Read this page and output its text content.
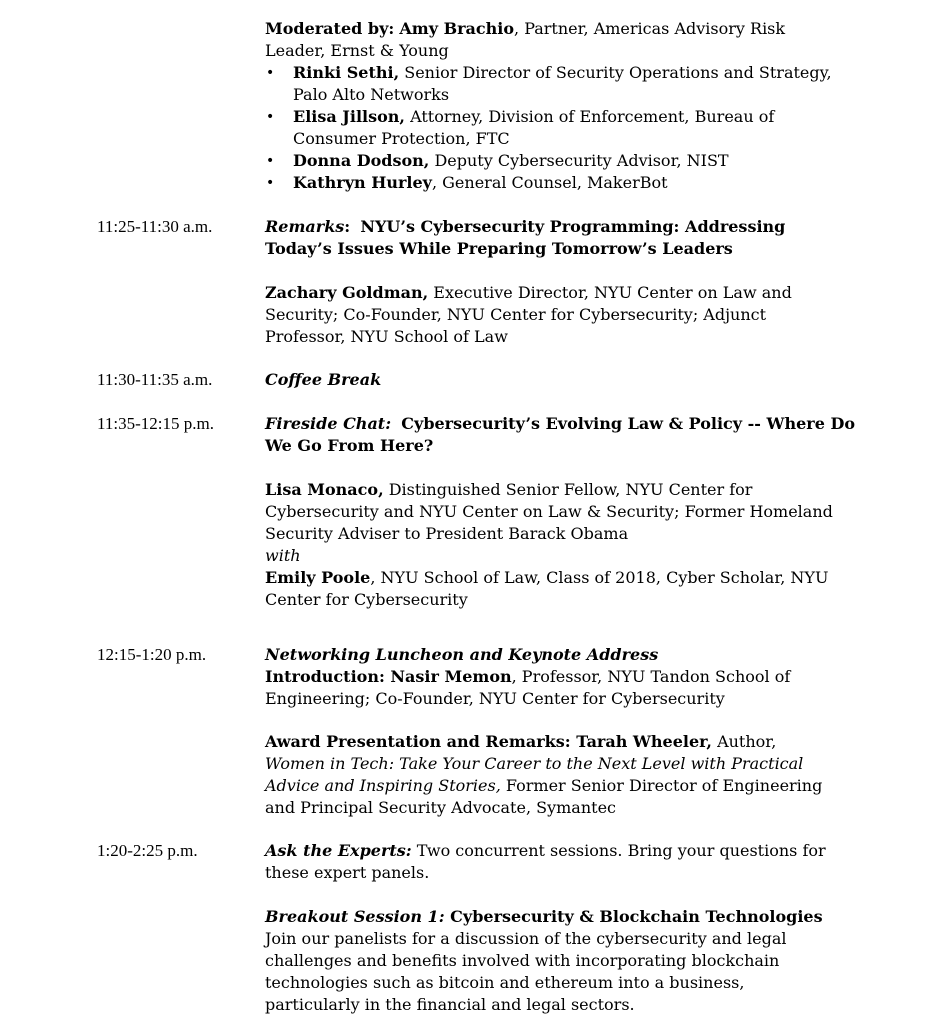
Moderated by: Amy Brachio, Partner, Americas Advisory Risk
Leader, Ernst & Young
• Rinki Sethi, Senior Director of Security Operations and Strategy,
Palo Alto Networks
• Elisa Jillson, Attorney, Division of Enforcement, Bureau of
Consumer Protection, FTC
• Donna Dodson, Deputy Cybersecurity Advisor, NIST
• Kathryn Hurley, General Counsel, MakerBot
11:25-11:30 a.m.	Remarks: NYU’s Cybersecurity Programming: Addressing
Today’s Issues While Preparing Tomorrow’s Leaders
Zachary Goldman, Executive Director, NYU Center on Law and
Security; Co-Founder, NYU Center for Cybersecurity; Adjunct
Professor, NYU School of Law
11:30-11:35 a.m.	Coffee Break
11:35-12:15 p.m.	Fireside Chat: Cybersecurity’s Evolving Law & Policy -- Where Do
We Go From Here?
Lisa Monaco, Distinguished Senior Fellow, NYU Center for
Cybersecurity and NYU Center on Law & Security; Former Homeland
Security Adviser to President Barack Obama
with
Emily Poole, NYU School of Law, Class of 2018, Cyber Scholar, NYU
Center for Cybersecurity
12:15-1:20 p.m.	Networking Luncheon and Keynote Address
Introduction: Nasir Memon, Professor, NYU Tandon School of
Engineering; Co-Founder, NYU Center for Cybersecurity
Award Presentation and Remarks: Tarah Wheeler, Author,
Women in Tech: Take Your Career to the Next Level with Practical
Advice and Inspiring Stories, Former Senior Director of Engineering
and Principal Security Advocate, Symantec
1:20-2:25 p.m.	Ask the Experts: Two concurrent sessions. Bring your questions for
these expert panels.
Breakout Session 1: Cybersecurity & Blockchain Technologies
Join our panelists for a discussion of the cybersecurity and legal
challenges and benefits involved with incorporating blockchain
technologies such as bitcoin and ethereum into a business,
particularly in the financial and legal sectors.
